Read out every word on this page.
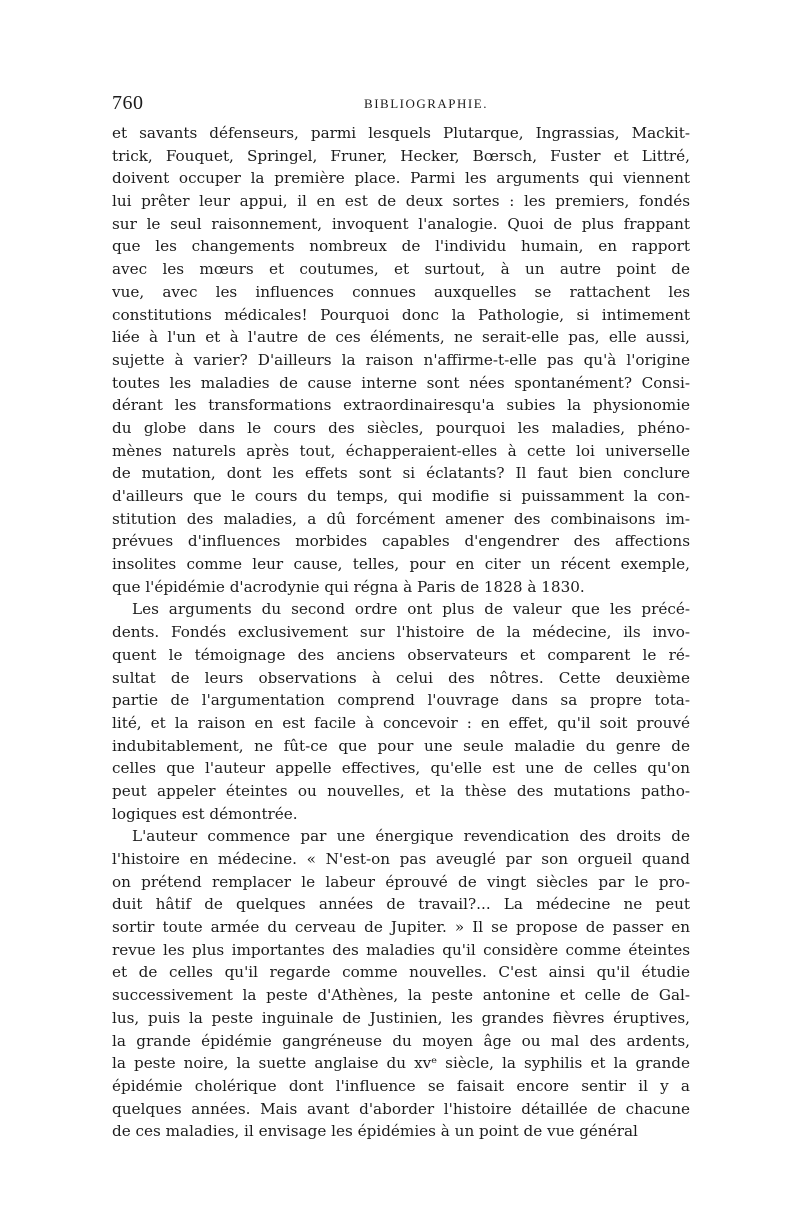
760	BIBLIOGRAPHIE.
et savants défenseurs, parmi lesquels Plutarque, Ingrassias, Mackit-
trick, Fouquet, Springel, Fruner, Hecker, Bœrsch, Fuster et Littré,
doivent occuper la première place. Parmi les arguments qui viennent
lui prêter leur appui, il en est de deux sortes : les premiers, fondés
sur le seul raisonnement, invoquent l'analogie. Quoi de plus frappant
que les changements nombreux de l'individu humain, en rapport
avec les mœurs et coutumes, et surtout, à un autre point de
vue, avec les influences connues auxquelles se rattachent les
constitutions médicales! Pourquoi donc la Pathologie, si intimement
liée à l'un et à l'autre de ces éléments, ne serait-elle pas, elle aussi,
sujette à varier? D'ailleurs la raison n'affirme-t-elle pas qu'à l'origine
toutes les maladies de cause interne sont nées spontanément? Consi-
dérant les transformations extraordinairesqu'a subies la physionomie
du globe dans le cours des siècles, pourquoi les maladies, phéno-
mènes naturels après tout, échapperaient-elles à cette loi universelle
de mutation, dont les effets sont si éclatants? Il faut bien conclure
d'ailleurs que le cours du temps, qui modifie si puissamment la con-
stitution des maladies, a dû forcément amener des combinaisons im-
prévues d'influences morbides capables d'engendrer des affections
insolites comme leur cause, telles, pour en citer un récent exemple,
que l'épidémie d'acrodynie qui régna à Paris de 1828 à 1830.
Les arguments du second ordre ont plus de valeur que les précé-
dents. Fondés exclusivement sur l'histoire de la médecine, ils invo-
quent le témoignage des anciens observateurs et comparent le ré-
sultat de leurs observations à celui des nôtres. Cette deuxième
partie de l'argumentation comprend l'ouvrage dans sa propre tota-
lité, et la raison en est facile à concevoir : en effet, qu'il soit prouvé
indubitablement, ne fût-ce que pour une seule maladie du genre de
celles que l'auteur appelle effectives, qu'elle est une de celles qu'on
peut appeler éteintes ou nouvelles, et la thèse des mutations patho-
logiques est démontrée.
L'auteur commence par une énergique revendication des droits de
l'histoire en médecine. « N'est-on pas aveuglé par son orgueil quand
on prétend remplacer le labeur éprouvé de vingt siècles par le pro-
duit hâtif de quelques années de travail?... La médecine ne peut
sortir toute armée du cerveau de Jupiter. » Il se propose de passer en
revue les plus importantes des maladies qu'il considère comme éteintes
et de celles qu'il regarde comme nouvelles. C'est ainsi qu'il étudie
successivement la peste d'Athènes, la peste antonine et celle de Gal-
lus, puis la peste inguinale de Justinien, les grandes fièvres éruptives,
la grande épidémie gangréneuse du moyen âge ou mal des ardents,
la peste noire, la suette anglaise du xvᵉ siècle, la syphilis et la grande
épidémie cholérique dont l'influence se faisait encore sentir il y a
quelques années. Mais avant d'aborder l'histoire détaillée de chacune
de ces maladies, il envisage les épidémies à un point de vue général
